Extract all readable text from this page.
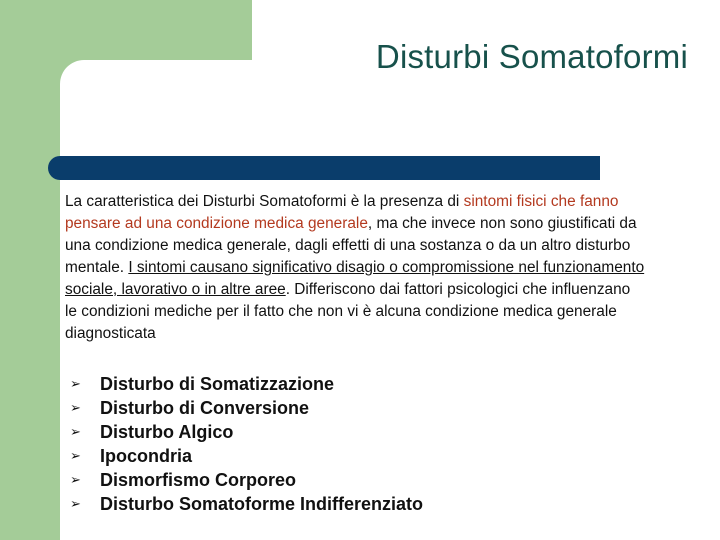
Disturbi Somatoformi

La caratteristica dei Disturbi Somatoformi è la presenza di sintomi fisici che fanno pensare ad una condizione medica generale, ma che invece non sono giustificati da una condizione medica generale, dagli effetti di una sostanza o da un altro disturbo mentale. I sintomi causano significativo disagio o compromissione nel funzionamento sociale, lavorativo o in altre aree. Differiscono dai fattori psicologici che influenzano le condizioni mediche per il fatto che non vi è alcuna condizione medica generale diagnosticata

➢	Disturbo di Somatizzazione
➢	Disturbo di Conversione
➢	Disturbo Algico
➢	Ipocondria
➢	Dismorfismo Corporeo
➢	Disturbo Somatoforme Indifferenziato
